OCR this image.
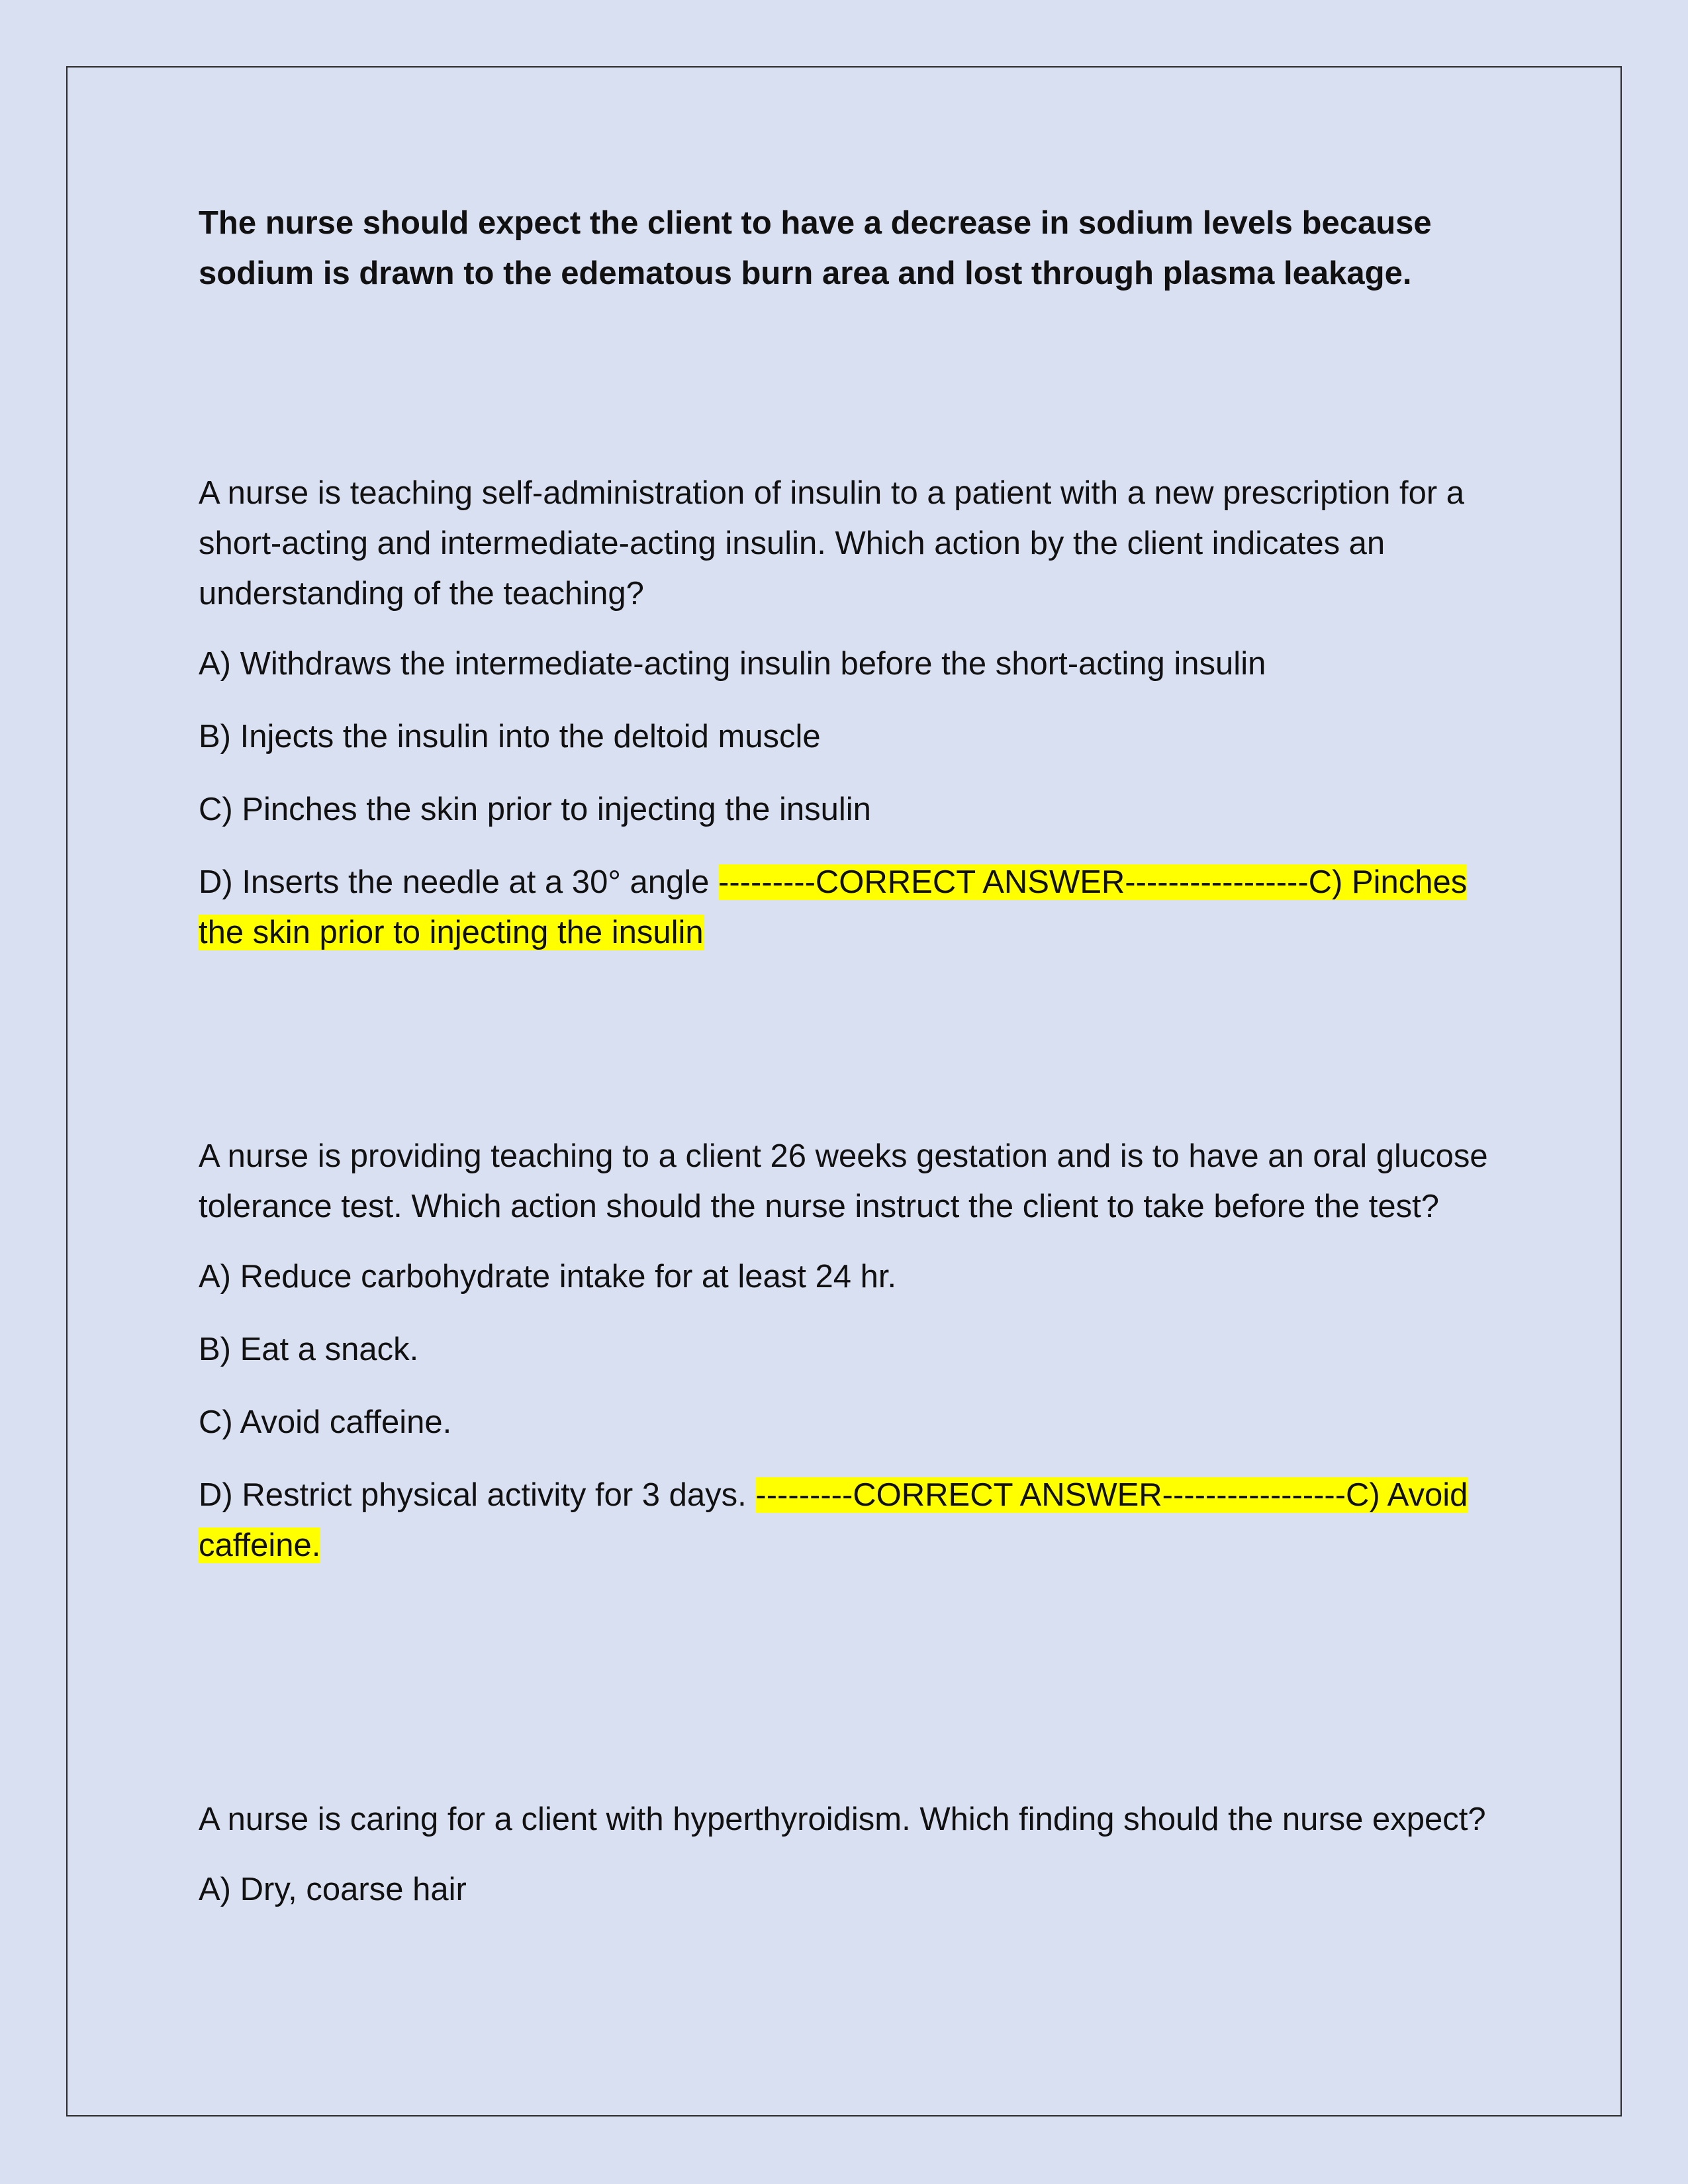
The nurse should expect the client to have a decrease in sodium levels because sodium is drawn to the edematous burn area and lost through plasma leakage.

A nurse is teaching self-administration of insulin to a patient with a new prescription for a short-acting and intermediate-acting insulin. Which action by the client indicates an understanding of the teaching?

A) Withdraws the intermediate-acting insulin before the short-acting insulin

B) Injects the insulin into the deltoid muscle

C) Pinches the skin prior to injecting the insulin

D) Inserts the needle at a 30° angle ---------CORRECT ANSWER-----------------C) Pinches the skin prior to injecting the insulin

A nurse is providing teaching to a client 26 weeks gestation and is to have an oral glucose tolerance test. Which action should the nurse instruct the client to take before the test?

A) Reduce carbohydrate intake for at least 24 hr.

B) Eat a snack.

C) Avoid caffeine.

D) Restrict physical activity for 3 days. ---------CORRECT ANSWER-----------------C) Avoid caffeine.

A nurse is caring for a client with hyperthyroidism. Which finding should the nurse expect?

A) Dry, coarse hair
